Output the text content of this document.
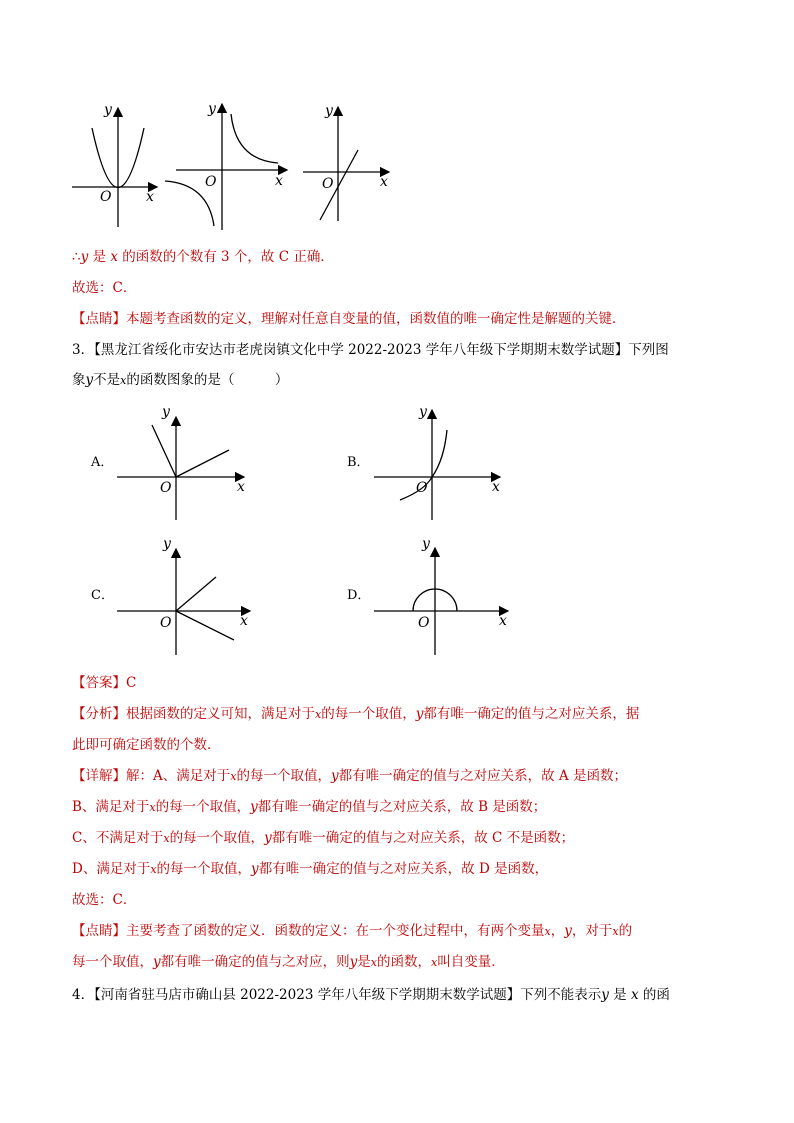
y
x
O
y
x
O
y
x
O
∴y 是 x 的函数的个数有 3 个，故 C 正确．
故选：C．
【点睛】本题考查函数的定义，理解对任意自变量的值，函数值的唯一确定性是解题的关键．
3．【黑龙江省绥化市安达市老虎岗镇文化中学 2022-2023 学年八年级下学期期末数学试题】下列图
象y不是x的函数图象的是（　　　）
A．
y
x
O
B．
y
x
O
C．
y
x
O
D．
y
x
O
【答案】C
【分析】根据函数的定义可知，满足对于x的每一个取值，y都有唯一确定的值与之对应关系，据
此即可确定函数的个数．
【详解】解：A、满足对于x的每一个取值，y都有唯一确定的值与之对应关系，故 A 是函数；
B、满足对于x的每一个取值，y都有唯一确定的值与之对应关系，故 B 是函数；
C、不满足对于x的每一个取值，y都有唯一确定的值与之对应关系，故 C 不是函数；
D、满足对于x的每一个取值，y都有唯一确定的值与之对应关系，故 D 是函数，
故选：C．
【点睛】主要考查了函数的定义．函数的定义：在一个变化过程中，有两个变量x，y，对于x的
每一个取值，y都有唯一确定的值与之对应，则y是x的函数，x叫自变量．
4．【河南省驻马店市确山县 2022-2023 学年八年级下学期期末数学试题】下列不能表示y 是 x 的函
